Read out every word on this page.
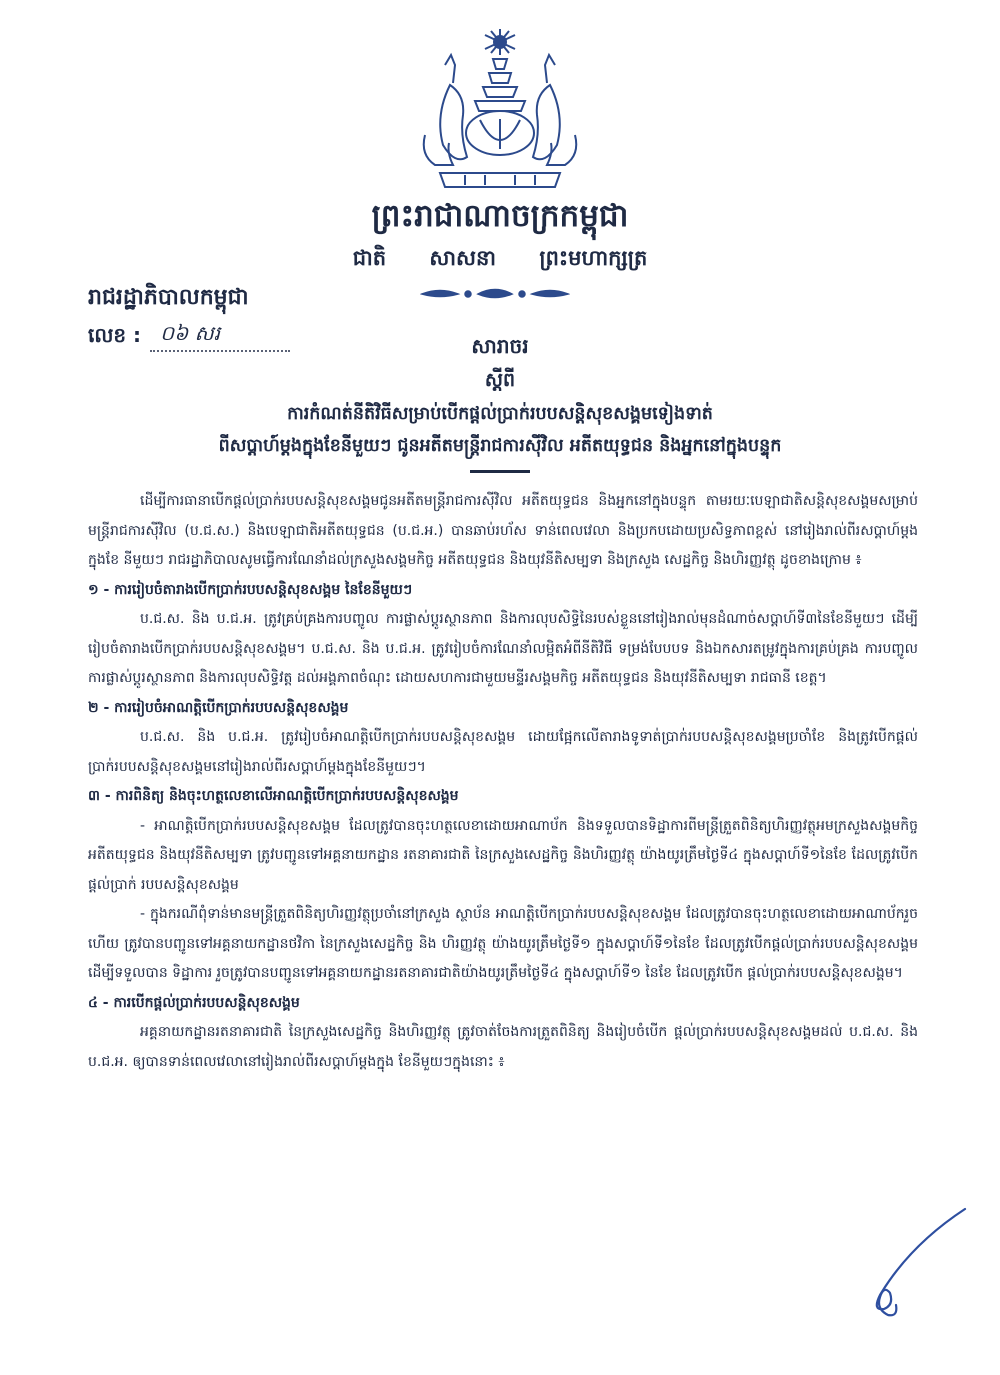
ព្រះរាជាណាចក្រកម្ពុជា
ជាតិ សាសនា ព្រះមហាក្សត្រ
រាជរដ្ឋាភិបាលកម្ពុជា
លេខ : ០៦ សរ
សារាចរ
ស្ដីពី
ការកំណត់នីតិវិធីសម្រាប់បើកផ្ដល់ប្រាក់របបសន្តិសុខសង្គមទៀងទាត់
ពីសប្ដាហ៍ម្តងក្នុងខែនីមួយៗ ជូនអតីតមន្ត្រីរាជការស៊ីវិល អតីតយុទ្ធជន និងអ្នកនៅក្នុងបន្ទុក

ដើម្បីការធានាបើកផ្ដល់ប្រាក់របបសន្តិសុខសង្គមជូនអតីតមន្ត្រីរាជការស៊ីវិល អតីតយុទ្ធជន និងអ្នកនៅក្នុងបន្ទុក តាមរយៈបេឡាជាតិសន្តិសុខសង្គមសម្រាប់មន្ត្រីរាជការស៊ីវិល (ប.ជ.ស.) និងបេឡាជាតិអតីតយុទ្ធជន (ប.ជ.អ.) បានឆាប់រហ័ស ទាន់ពេលវេលា និងប្រកបដោយប្រសិទ្ធភាពខ្ពស់ នៅរៀងរាល់ពីរសប្ដាហ៍ម្ដងក្នុងខែ នីមួយៗ រាជរដ្ឋាភិបាលសូមធ្វើការណែនាំដល់ក្រសួងសង្គមកិច្ច អតីតយុទ្ធជន និងយុវនីតិសម្បទា និងក្រសួង សេដ្ឋកិច្ច និងហិរញ្ញវត្ថុ ដូចខាងក្រោម ៖

១ - ការរៀបចំតារាងបើកប្រាក់របបសន្តិសុខសង្គម នៃខែនីមួយៗ

ប.ជ.ស. និង ប.ជ.អ. ត្រូវគ្រប់គ្រងការបញ្ចូល ការផ្លាស់ប្ដូរស្ថានភាព និងការលុបសិទ្ធិនៃរបស់ខ្លួននៅរៀងរាល់មុនដំណាច់សប្ដាហ៍ទី៣នៃខែនីមួយៗ ដើម្បីរៀបចំតារាងបើកប្រាក់របបសន្តិសុខសង្គម។ ប.ជ.ស. និង ប.ជ.អ. ត្រូវរៀបចំការណែនាំលម្អិតអំពីនីតិវិធី ទម្រង់បែបបទ និងឯកសារតម្រូវក្នុងការគ្រប់គ្រង ការបញ្ចូល ការផ្លាស់ប្ដូរស្ថានភាព និងការលុបសិទ្ធិវត្ត ដល់អង្គភាពចំណុះ ដោយសហការជាមួយមន្ទីរសង្គមកិច្ច អតីតយុទ្ធជន និងយុវនីតិសម្បទា រាជធានី ខេត្ត។

២ - ការរៀបចំអាណត្តិបើកប្រាក់របបសន្តិសុខសង្គម

ប.ជ.ស. និង ប.ជ.អ. ត្រូវរៀបចំអាណត្តិបើកប្រាក់របបសន្តិសុខសង្គម ដោយផ្អែកលើតារាងទូទាត់ប្រាក់របបសន្តិសុខសង្គមប្រចាំខែ និងត្រូវបើកផ្ដល់ប្រាក់របបសន្តិសុខសង្គមនៅរៀងរាល់ពីរសប្ដាហ៍ម្ដងក្នុងខែនីមួយៗ។

៣ - ការពិនិត្យ និងចុះហត្ថលេខាលើអាណត្តិបើកប្រាក់របបសន្តិសុខសង្គម

- អាណត្តិបើកប្រាក់របបសន្តិសុខសង្គម ដែលត្រូវបានចុះហត្ថលេខាដោយអាណាប័ក និងទទួលបានទិដ្ឋាការពីមន្ត្រីត្រួតពិនិត្យហិរញ្ញវត្ថុអមក្រសួងសង្គមកិច្ច អតីតយុទ្ធជន និងយុវនីតិសម្បទា ត្រូវបញ្ជូនទៅអគ្គនាយកដ្ឋាន រតនាគារជាតិ នៃក្រសួងសេដ្ឋកិច្ច និងហិរញ្ញវត្ថុ យ៉ាងយូរត្រឹមថ្ងៃទី៤ ក្នុងសប្ដាហ៍ទី១នៃខែ ដែលត្រូវបើកផ្ដល់ប្រាក់ របបសន្តិសុខសង្គម

- ក្នុងករណីពុំទាន់មានមន្ត្រីត្រួតពិនិត្យហិរញ្ញវត្ថុប្រចាំនៅក្រសួង ស្ថាប័ន អាណត្តិបើកប្រាក់របបសន្តិសុខសង្គម ដែលត្រូវបានចុះហត្ថលេខាដោយអាណាប័ករួចហើយ ត្រូវបានបញ្ជូនទៅអគ្គនាយកដ្ឋានថវិកា នៃក្រសួងសេដ្ឋកិច្ច និង ហិរញ្ញវត្ថុ យ៉ាងយូរត្រឹមថ្ងៃទី១ ក្នុងសប្ដាហ៍ទី១នៃខែ ដែលត្រូវបើកផ្ដល់ប្រាក់របបសន្តិសុខសង្គម ដើម្បីទទួលបាន ទិដ្ឋាការ រួចត្រូវបានបញ្ជូនទៅអគ្គនាយកដ្ឋានរតនាគារជាតិយ៉ាងយូរត្រឹមថ្ងៃទី៤ ក្នុងសប្ដាហ៍ទី១ នៃខែ ដែលត្រូវបើក ផ្ដល់ប្រាក់របបសន្តិសុខសង្គម។

៤ - ការបើកផ្ដល់ប្រាក់របបសន្តិសុខសង្គម

អគ្គនាយកដ្ឋានរតនាគារជាតិ នៃក្រសួងសេដ្ឋកិច្ច និងហិរញ្ញវត្ថុ ត្រូវចាត់ចែងការត្រួតពិនិត្យ និងរៀបចំបើក ផ្ដល់ប្រាក់របបសន្តិសុខសង្គមដល់ ប.ជ.ស. និង ប.ជ.អ. ឲ្យបានទាន់ពេលវេលានៅរៀងរាល់ពីរសប្ដាហ៍ម្ដងក្នុង ខែនីមួយៗក្នុងនោះ ៖
